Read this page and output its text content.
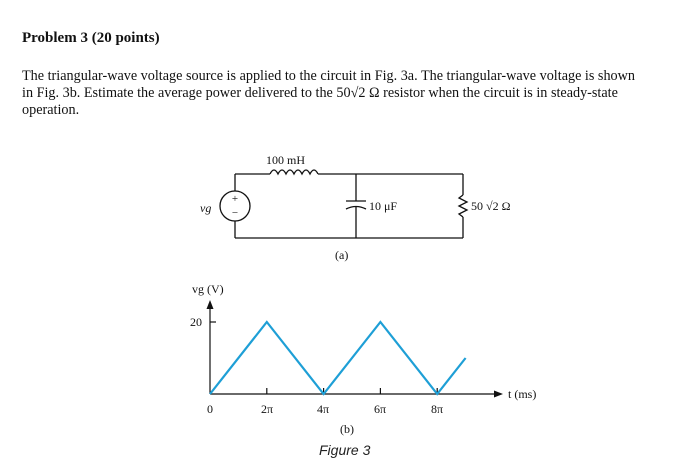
Problem 3 (20 points)
The triangular-wave voltage source is applied to the circuit in Fig. 3a. The triangular-wave voltage is shown
in Fig. 3b. Estimate the average power delivered to the 50√2 Ω resistor when the circuit is in steady-state
operation.
+
−
vg
100 mH
10 μF	50 √2 Ω
(a)
vg (V)
20
0	2π	4π	6π	8π
t (ms)
(b)
Figure 3
